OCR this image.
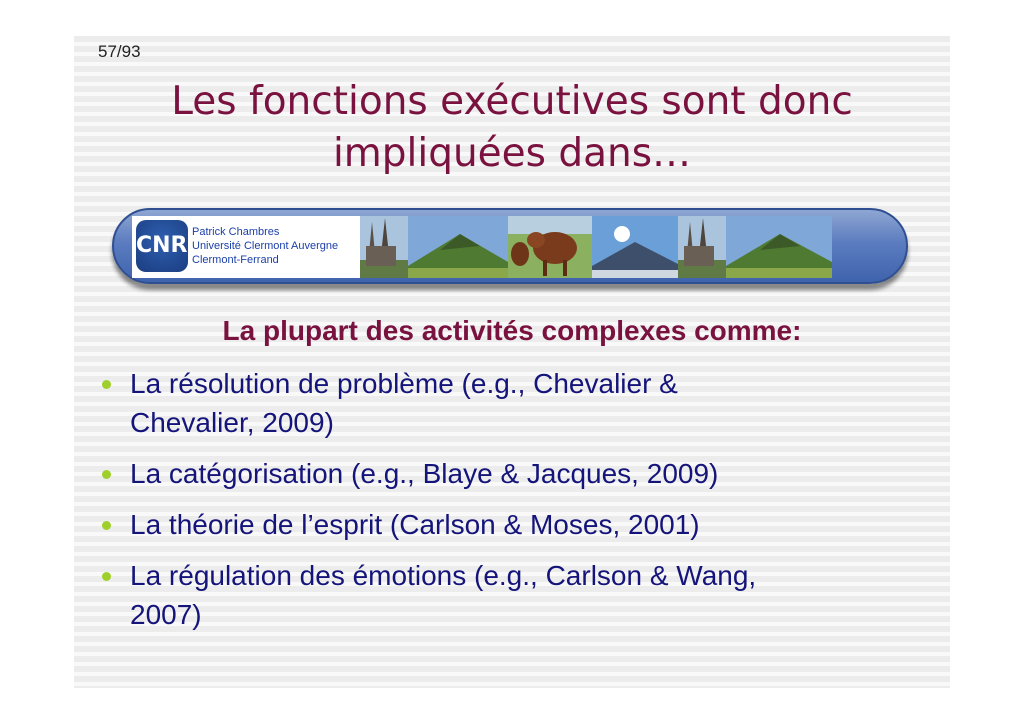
57/93
Les fonctions exécutives sont donc
impliquées dans…
CNRS
Patrick Chambres
Université Clermont Auvergne
Clermont-Ferrand
La plupart des activités complexes comme:
La résolution de problème (e.g., Chevalier &
Chevalier, 2009)
La catégorisation (e.g., Blaye & Jacques, 2009)
La théorie de l’esprit (Carlson & Moses, 2001)
La régulation des émotions (e.g., Carlson & Wang,
2007)
